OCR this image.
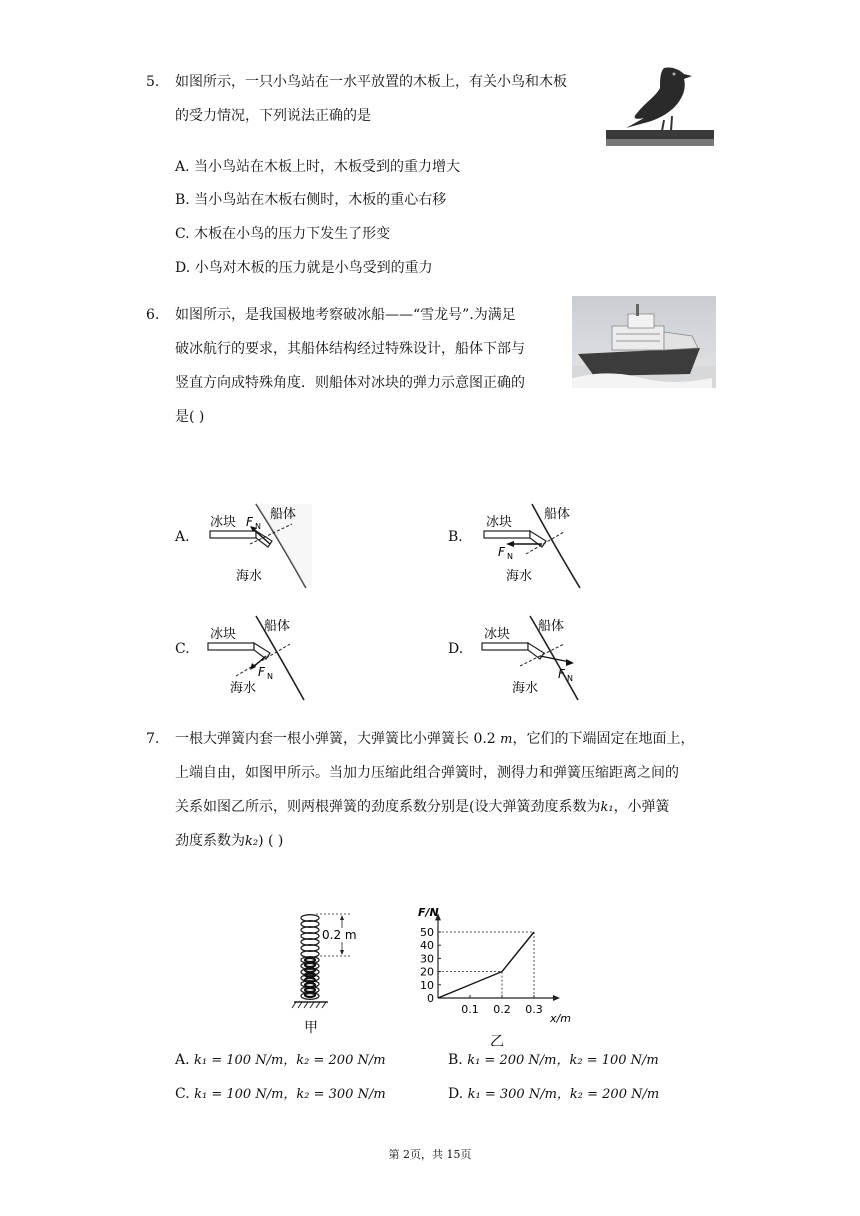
5. 如图所示，一只小鸟站在一水平放置的木板上，有关小鸟和木板
的受力情况，下列说法正确的是
A. 当小鸟站在木板上时，木板受到的重力增大
B. 当小鸟站在木板右侧时，木板的重心右移
C. 木板在小鸟的压力下发生了形变
D. 小鸟对木板的压力就是小鸟受到的重力
6. 如图所示，是我国极地考察破冰船——“雪龙号”.为满足
破冰航行的要求，其船体结构经过特殊设计，船体下部与
竖直方向成特殊角度．则船体对冰块的弹力示意图正确的
是( )
A.
冰块
船体
海水
F N
B.
冰块
船体
海水
F N
C.
冰块
船体
海水
F N
D.
冰块
船体
海水
F N
7. 一根大弹簧内套一根小弹簧，大弹簧比小弹簧长 0.2 m，它们的下端固定在地面上，
上端自由，如图甲所示。当加力压缩此组合弹簧时，测得力和弹簧压缩距离之间的
关系如图乙所示，则两根弹簧的劲度系数分别是(设大弹簧劲度系数为k₁，小弹簧
劲度系数为k₂) ( )
0.2 m
甲
0
10
20
30
40
50
0.1 0.2 0.3
F/N
x/m
乙
A. k₁ = 100 N/m，k₂ = 200 N/m	B. k₁ = 200 N/m，k₂ = 100 N/m
C. k₁ = 100 N/m，k₂ = 300 N/m	D. k₁ = 300 N/m，k₂ = 200 N/m
第 2页，共 15页
